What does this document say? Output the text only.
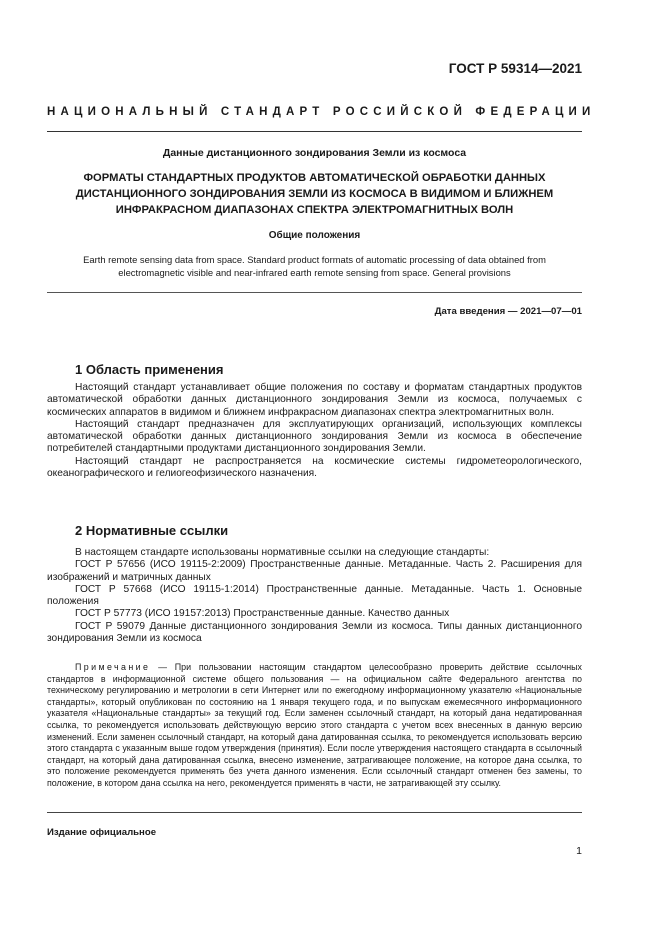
ГОСТ Р 59314—2021
НАЦИОНАЛЬНЫЙ СТАНДАРТ РОССИЙСКОЙ ФЕДЕРАЦИИ
Данные дистанционного зондирования Земли из космоса
ФОРМАТЫ СТАНДАРТНЫХ ПРОДУКТОВ АВТОМАТИЧЕСКОЙ ОБРАБОТКИ ДАННЫХ
ДИСТАНЦИОННОГО ЗОНДИРОВАНИЯ ЗЕМЛИ ИЗ КОСМОСА В ВИДИМОМ И БЛИЖНЕМ
ИНФРАКРАСНОМ ДИАПАЗОНАХ СПЕКТРА ЭЛЕКТРОМАГНИТНЫХ ВОЛН
Общие положения
Earth remote sensing data from space. Standard product formats of automatic processing of data obtained from
electromagnetic visible and near-infrared earth remote sensing from space. General provisions
Дата введения — 2021—07—01
1 Область применения

Настоящий стандарт устанавливает общие положения по составу и форматам стандартных продуктов автоматической обработки данных дистанционного зондирования Земли из космоса, получаемых с космических аппаратов в видимом и ближнем инфракрасном диапазонах спектра электромагнитных волн.

Настоящий стандарт предназначен для эксплуатирующих организаций, использующих комплексы автоматической обработки данных дистанционного зондирования Земли из космоса в обеспечение потребителей стандартными продуктами дистанционного зондирования Земли.

Настоящий стандарт не распространяется на космические системы гидрометеорологического, океанографического и гелиогеофизического назначения.

2 Нормативные ссылки

В настоящем стандарте использованы нормативные ссылки на следующие стандарты:

ГОСТ Р 57656 (ИСО 19115-2:2009) Пространственные данные. Метаданные. Часть 2. Расширения для изображений и матричных данных

ГОСТ Р 57668 (ИСО 19115-1:2014) Пространственные данные. Метаданные. Часть 1. Основные положения

ГОСТ Р 57773 (ИСО 19157:2013) Пространственные данные. Качество данных

ГОСТ Р 59079 Данные дистанционного зондирования Земли из космоса. Типы данных дистанционного зондирования Земли из космоса

Примечание — При пользовании настоящим стандартом целесообразно проверить действие ссылочных стандартов в информационной системе общего пользования — на официальном сайте Федерального агентства по техническому регулированию и метрологии в сети Интернет или по ежегодному информационному указателю «Национальные стандарты», который опубликован по состоянию на 1 января текущего года, и по выпускам ежемесячного информационного указателя «Национальные стандарты» за текущий год. Если заменен ссылочный стандарт, на который дана недатированная ссылка, то рекомендуется использовать действующую версию этого стандарта с учетом всех внесенных в данную версию изменений. Если заменен ссылочный стандарт, на который дана датированная ссылка, то рекомендуется использовать версию этого стандарта с указанным выше годом утверждения (принятия). Если после утверждения настоящего стандарта в ссылочный стандарт, на который дана датированная ссылка, внесено изменение, затрагивающее положение, на которое дана ссылка, то это положение рекомендуется применять без учета данного изменения. Если ссылочный стандарт отменен без замены, то положение, в котором дана ссылка на него, рекомендуется применять в части, не затрагивающей эту ссылку.

Издание официальное
1
